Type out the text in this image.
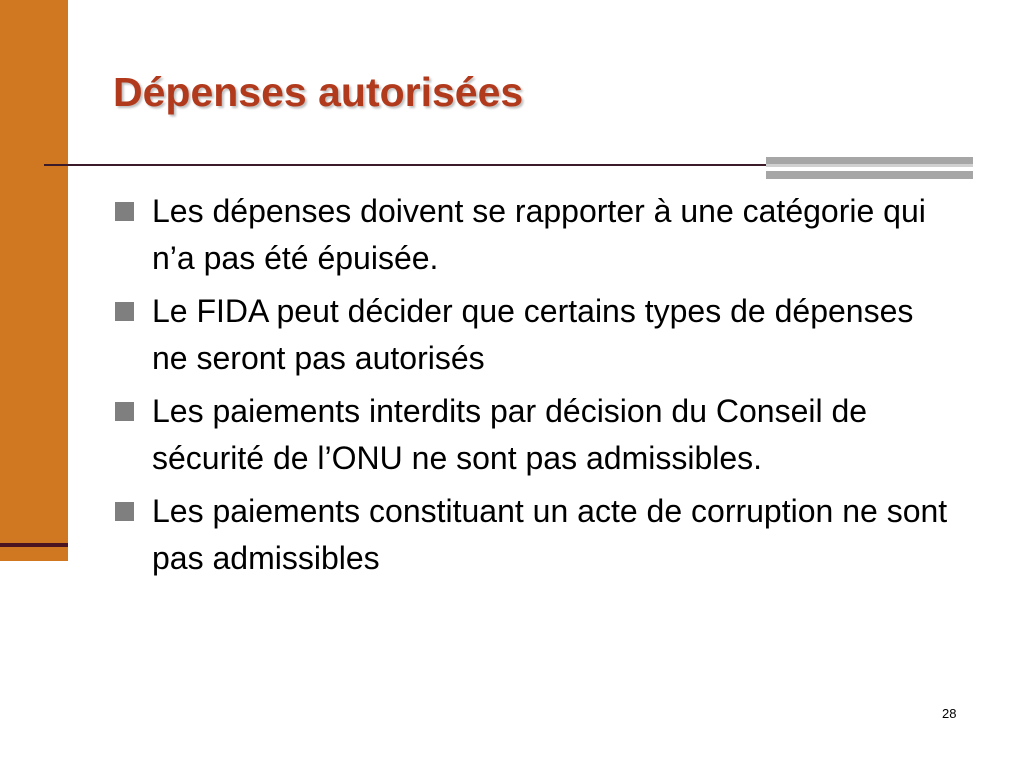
Dépenses autorisées
Les dépenses doivent se rapporter à une catégorie qui n’a pas été épuisée.
Le FIDA peut décider que certains types de dépenses ne seront pas autorisés
Les paiements interdits par décision du Conseil de sécurité de l’ONU ne sont pas admissibles.
Les paiements constituant un acte de corruption ne sont pas admissibles
28
